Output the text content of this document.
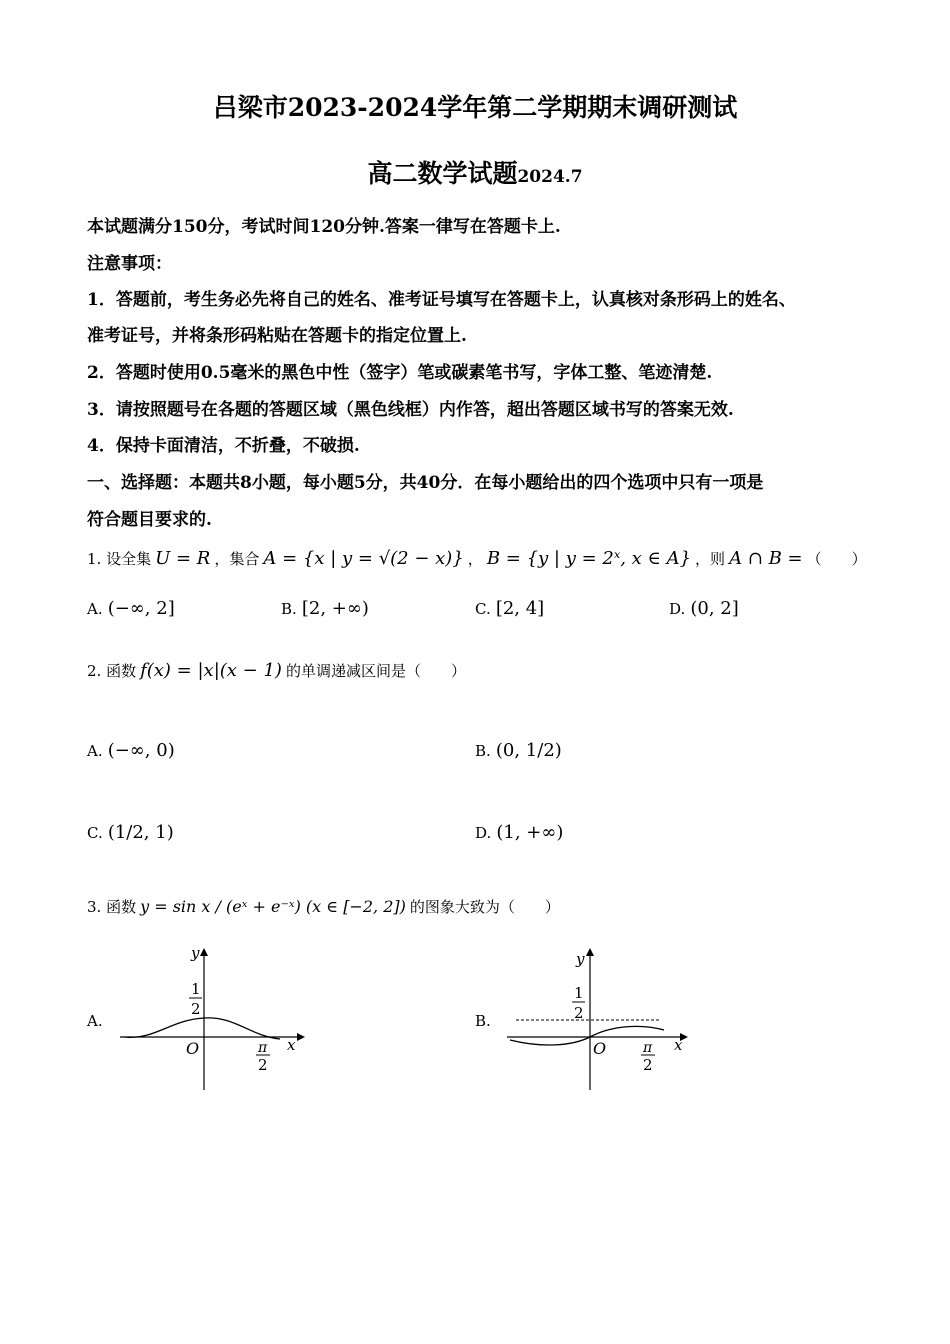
吕梁市2023-2024学年第二学期期末调研测试
高二数学试题2024.7
本试题满分150分，考试时间120分钟.答案一律写在答题卡上.
注意事项：
1．答题前，考生务必先将自己的姓名、准考证号填写在答题卡上，认真核对条形码上的姓名、
准考证号，并将条形码粘贴在答题卡的指定位置上.
2．答题时使用0.5毫米的黑色中性（签字）笔或碳素笔书写，字体工整、笔迹清楚.
3．请按照题号在各题的答题区域（黑色线框）内作答，超出答题区域书写的答案无效.
4．保持卡面清洁，不折叠，不破损.
一、选择题：本题共8小题，每小题5分，共40分．在每小题给出的四个选项中只有一项是
符合题目要求的.
1. 设全集 U = R ，集合 A = {x | y = √(2 − x)} ， B = {y | y = 2ˣ, x ∈ A} ，则 A ∩ B = （　　）
A. (−∞, 2]	B. [2, +∞)	C. [2, 4]	D. (0, 2]
2. 函数 f(x) = |x|(x − 1) 的单调递减区间是（　　）
A. (−∞, 0)	B. (0, 1/2)
C. (1/2, 1)	D. (1, +∞)
3. 函数 y = sin x / (eˣ + e⁻ˣ) (x ∈ [−2, 2]) 的图象大致为（　　）
A.
y
x
O
1
2
π
2
B.
y
x
O
1
2
π
2
